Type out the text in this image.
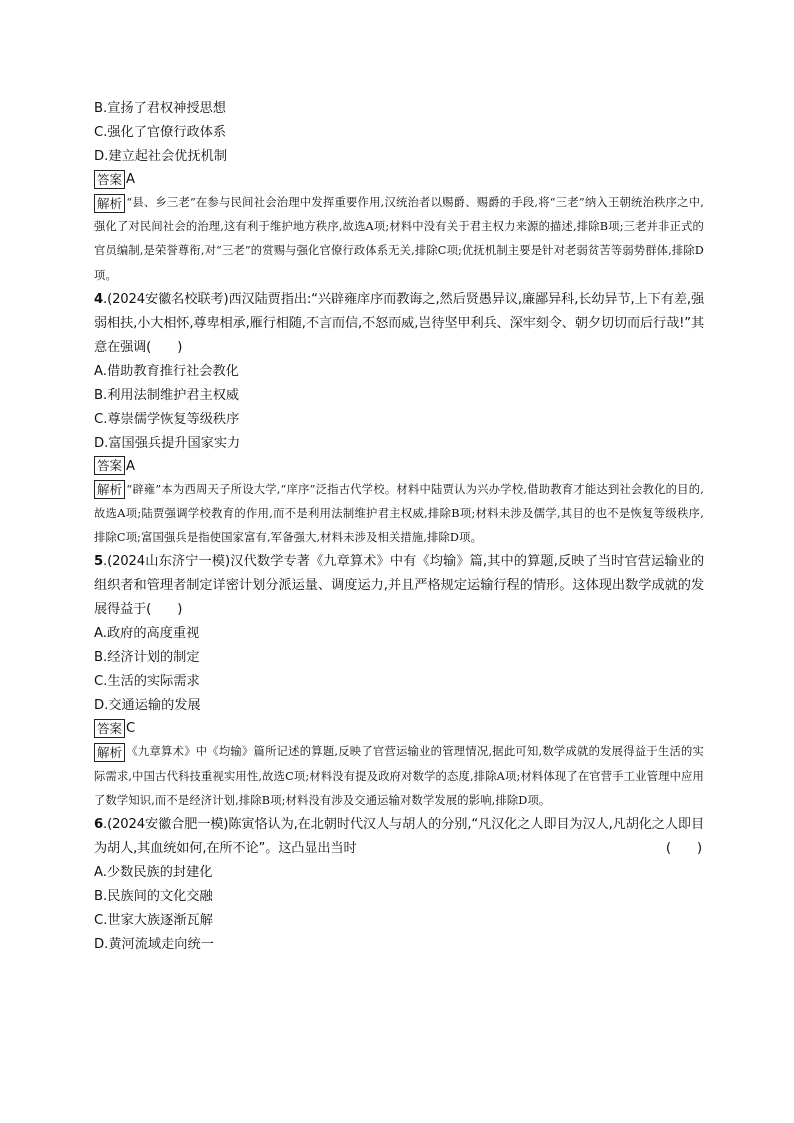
B.宣扬了君权神授思想
C.强化了官僚行政体系
D.建立起社会优抚机制
答案 A
解析 “县、乡三老”在参与民间社会治理中发挥重要作用,汉统治者以赐爵、赐爵的手段,将“三老”纳入王朝统治秩序之中,强化了对民间社会的治理,这有利于维护地方秩序,故选A项;材料中没有关于君主权力来源的描述,排除B项;三老并非正式的官员编制,是荣誉尊衔,对“三老”的赏赐与强化官僚行政体系无关,排除C项;优抚机制主要是针对老弱贫苦等弱势群体,排除D项。
4.(2024安徽名校联考)西汉陆贾指出:“兴辟雍庠序而教诲之,然后贤愚异议,廉鄙异科,长幼异节,上下有差,强弱相扶,小大相怀,尊卑相承,雁行相随,不言而信,不怒而威,岂待坚甲利兵、深牢刻令、朝夕切切而后行哉!”其意在强调(　　)
A.借助教育推行社会教化
B.利用法制维护君主权威
C.尊崇儒学恢复等级秩序
D.富国强兵提升国家实力
答案 A
解析 “辟雍”本为西周天子所设大学,“庠序”泛指古代学校。材料中陆贾认为兴办学校,借助教育才能达到社会教化的目的,故选A项;陆贾强调学校教育的作用,而不是利用法制维护君主权威,排除B项;材料未涉及儒学,其目的也不是恢复等级秩序,排除C项;富国强兵是指使国家富有,军备强大,材料未涉及相关措施,排除D项。
5.(2024山东济宁一模)汉代数学专著《九章算术》中有《均输》篇,其中的算题,反映了当时官营运输业的组织者和管理者制定详密计划分派运量、调度运力,并且严格规定运输行程的情形。这体现出数学成就的发展得益于(　　)
A.政府的高度重视
B.经济计划的制定
C.生活的实际需求
D.交通运输的发展
答案 C
解析 《九章算术》中《均输》篇所记述的算题,反映了官营运输业的管理情况,据此可知,数学成就的发展得益于生活的实际需求,中国古代科技重视实用性,故选C项;材料没有提及政府对数学的态度,排除A项;材料体现了在官营手工业管理中应用了数学知识,而不是经济计划,排除B项;材料没有涉及交通运输对数学发展的影响,排除D项。
6.(2024安徽合肥一模)陈寅恪认为,在北朝时代汉人与胡人的分别,“凡汉化之人即目为汉人,凡胡化之人即目为胡人,其血统如何,在所不论”。这凸显出当时	(　　)
A.少数民族的封建化
B.民族间的文化交融
C.世家大族逐渐瓦解
D.黄河流域走向统一
